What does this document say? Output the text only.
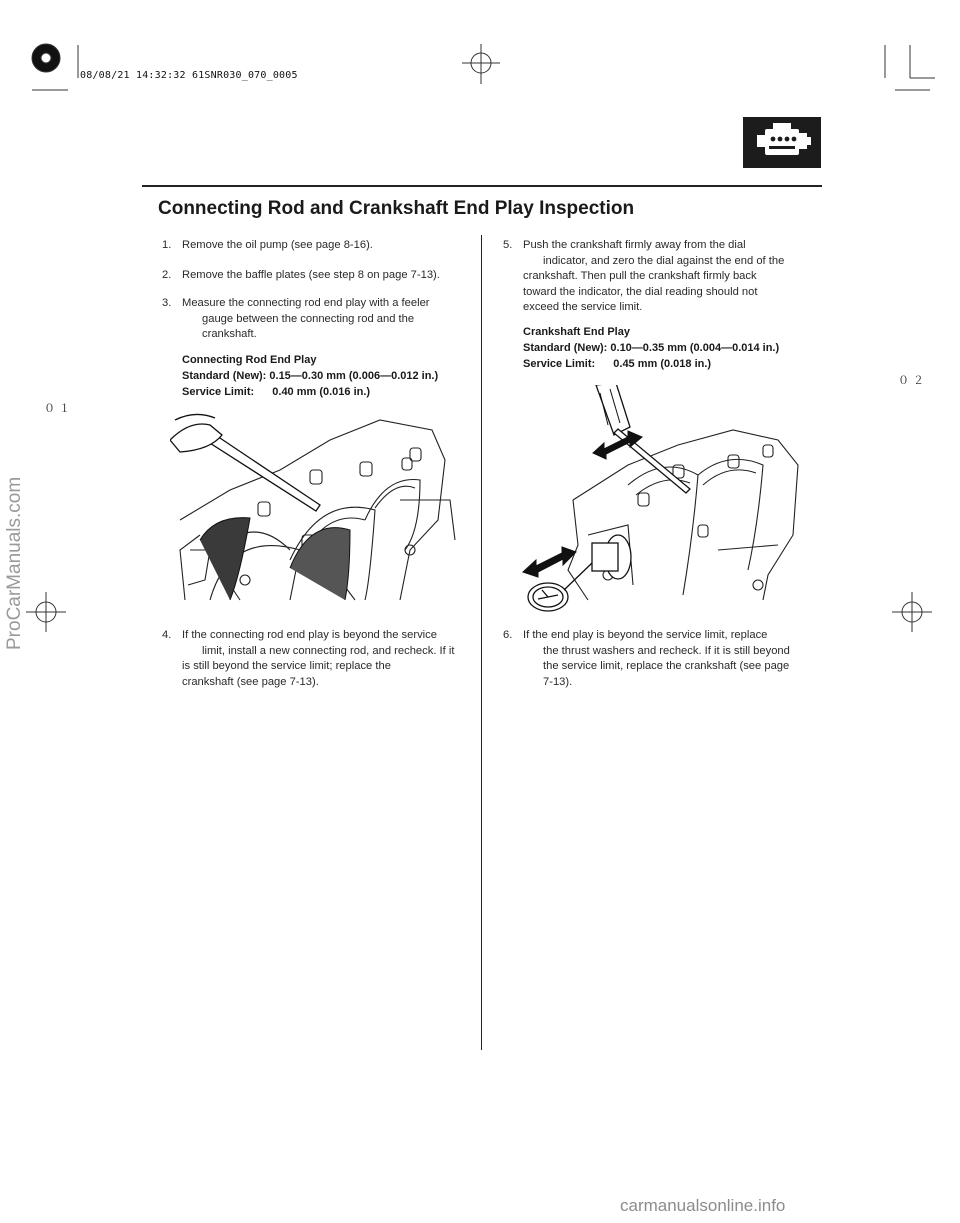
08/08/21 14:32:32 61SNR030_070_0005
Connecting Rod and Crankshaft End Play Inspection
０１
０２
1. Remove the oil pump (see page 8-16).
2. Remove the baffle plates (see step 8 on page 7-13).
3. Measure the connecting rod end play with a feeler
gauge between the connecting rod and the
crankshaft.
Connecting Rod End Play
Standard (New): 0.15—0.30 mm (0.006—0.012 in.)
Service Limit: 0.40 mm (0.016 in.)
4. If the connecting rod end play is beyond the service
limit, install a new connecting rod, and recheck. If it
is still beyond the service limit; replace the
crankshaft (see page 7-13).
5. Push the crankshaft firmly away from the dial
indicator, and zero the dial against the end of the
crankshaft. Then pull the crankshaft firmly back
toward the indicator, the dial reading should not
exceed the service limit.
Crankshaft End Play
Standard (New): 0.10—0.35 mm (0.004—0.014 in.)
Service Limit: 0.45 mm (0.018 in.)
6. If the end play is beyond the service limit, replace
the thrust washers and recheck. If it is still beyond
the service limit, replace the crankshaft (see page
7-13).
ProCarManuals.com
carmanualsonline.info
